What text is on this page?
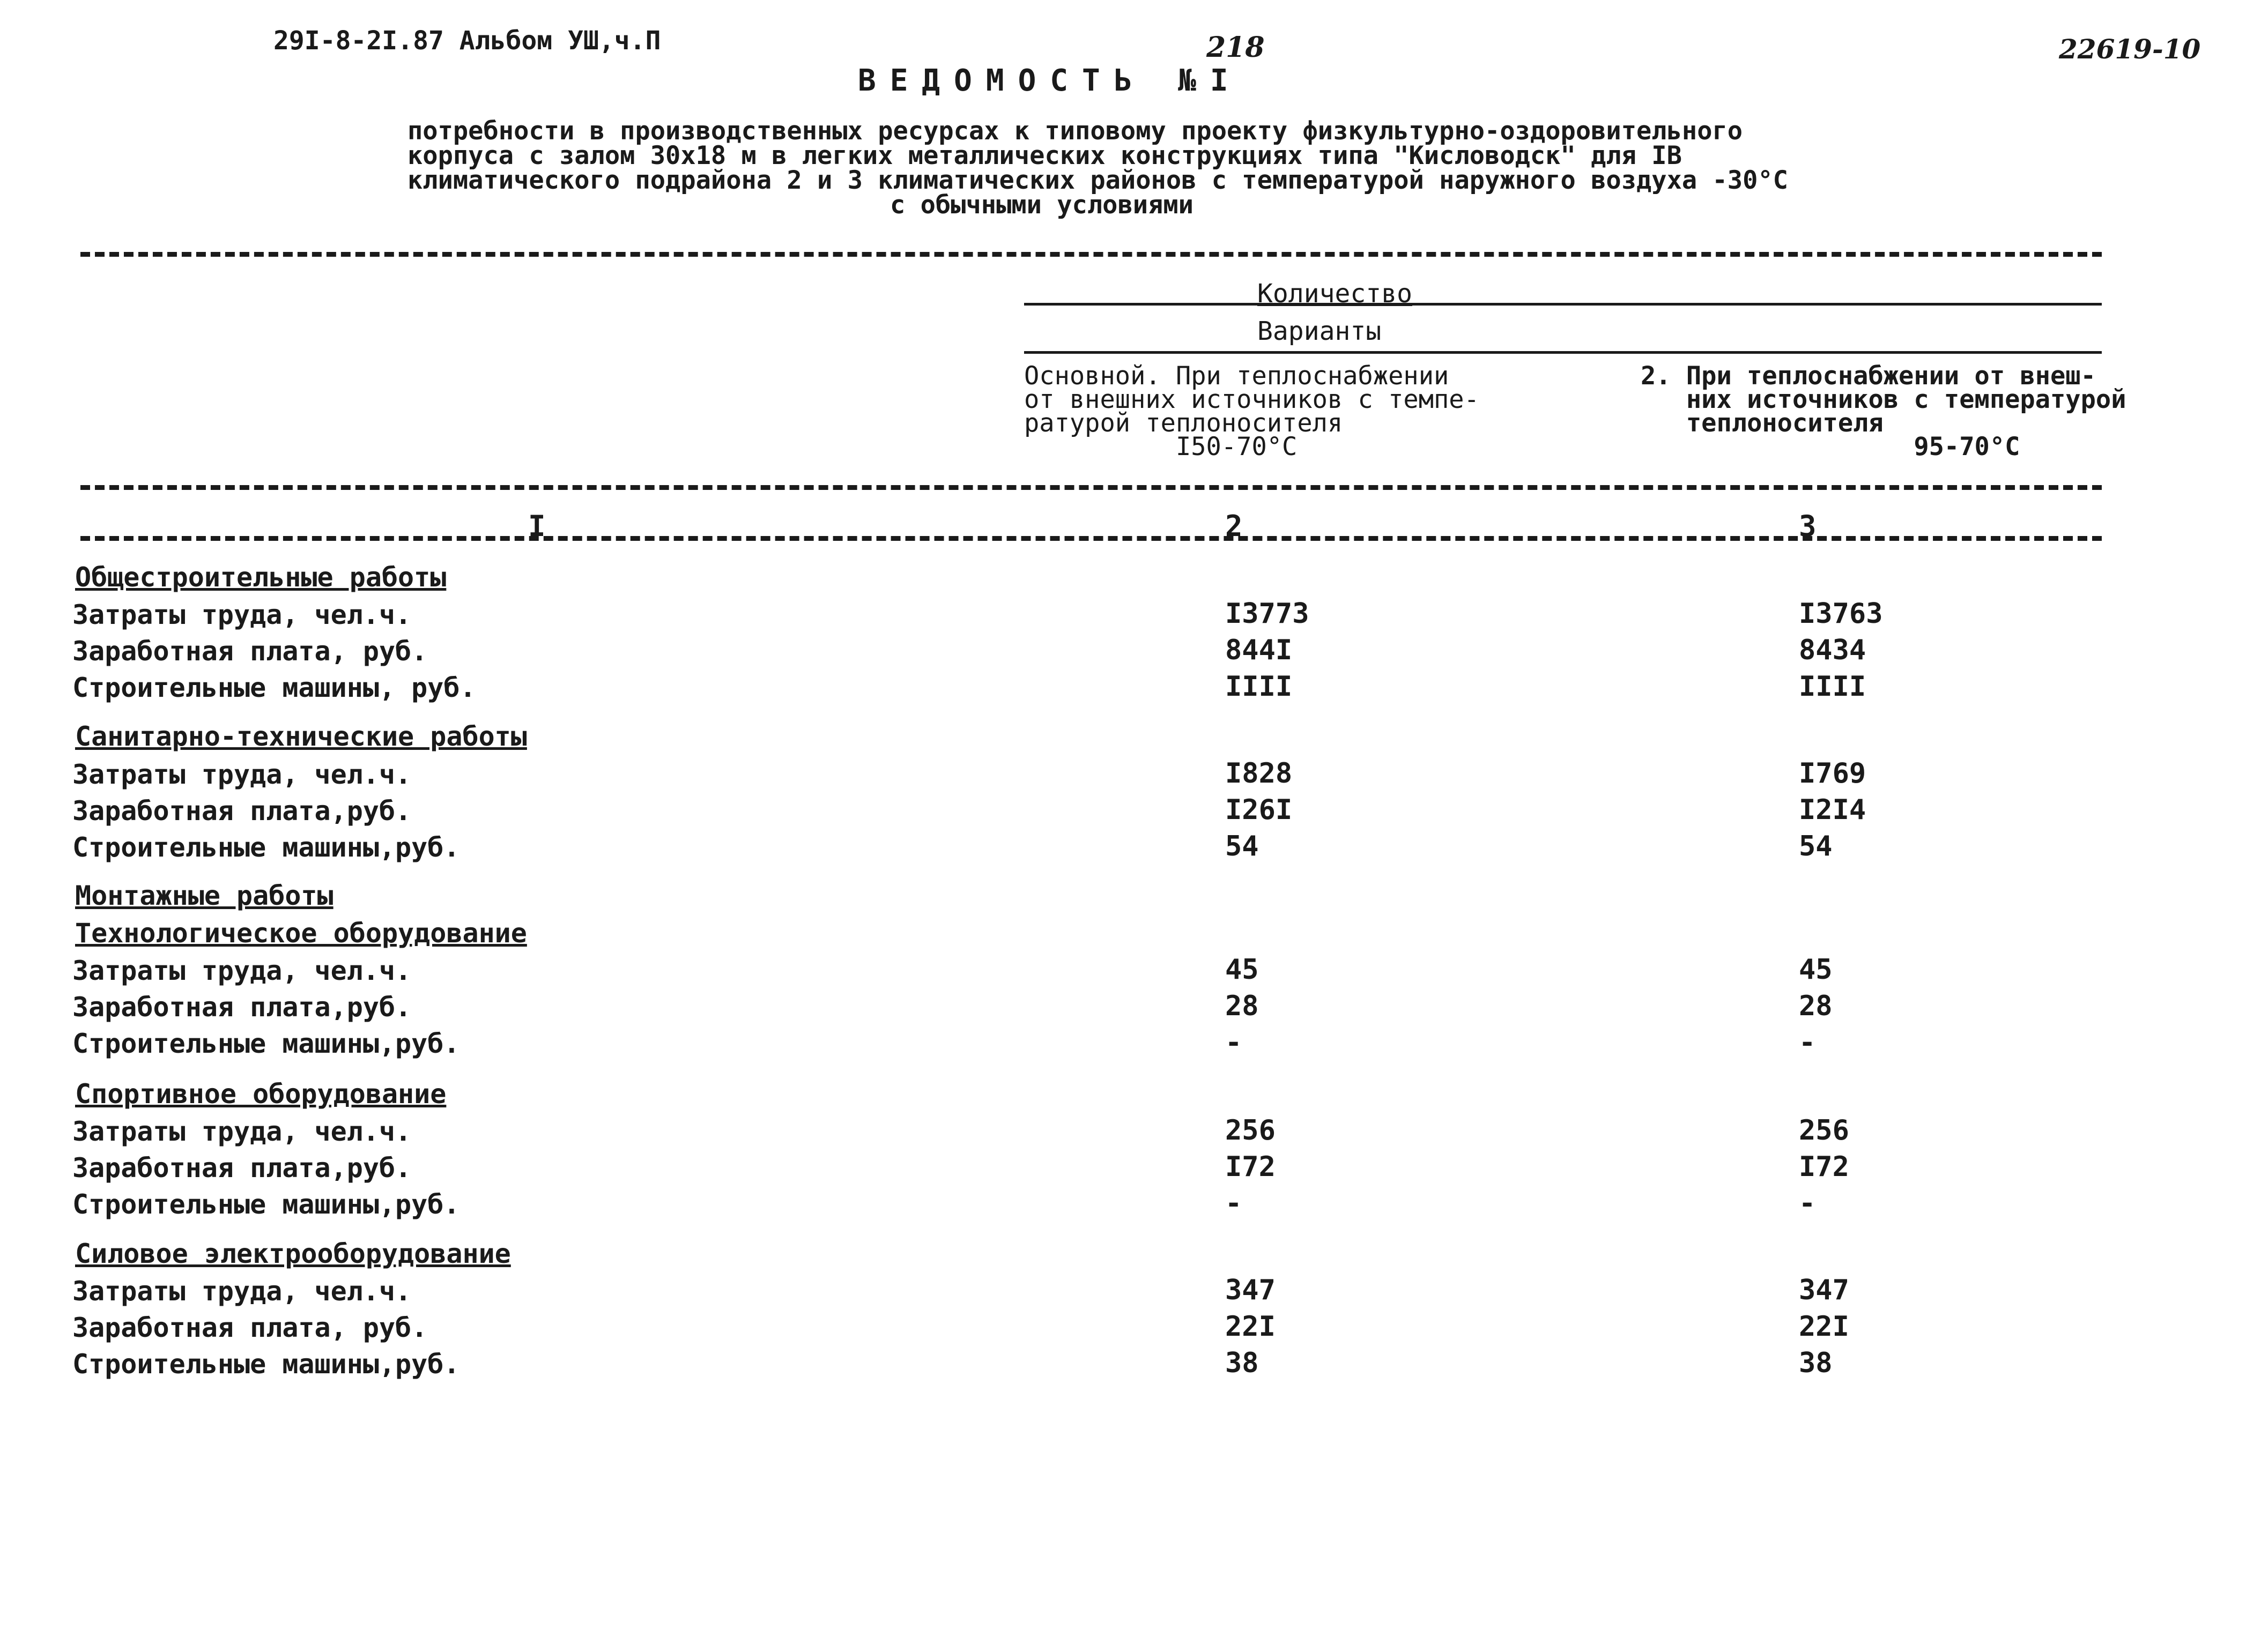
29I-8-2I.87 Альбом УШ,ч.П	218	22619-10
ВЕДОМОСТЬ №I
потребности в производственных ресурсах к типовому проекту физкультурно-оздоровительного
корпуса с залом 30х18 м в легких металлических конструкциях типа "Кисловодск" для IВ
климатического подрайона 2 и 3 климатических районов с температурой наружного воздуха -30°С
с обычными условиями
Количество
Варианты
Основной. При теплоснабжении
от внешних источников с темпе-
ратурой теплоносителя
I50-70°С
2. При теплоснабжении от внеш-
них источников с температурой
теплоносителя
95-70°С
I	2	3
Общестроительные работы
Затраты труда, чел.ч.	I3773	I3763
Заработная плата, руб.	844I	8434
Строительные машины, руб.	IIII	IIII
Санитарно-технические работы
Затраты труда, чел.ч.	I828	I769
Заработная плата,руб.	I26I	I2I4
Строительные машины,руб.	54	54
Монтажные работы
Технологическое оборудование
Затраты труда, чел.ч.	45	45
Заработная плата,руб.	28	28
Строительные машины,руб.	-	-
Спортивное оборудование
Затраты труда, чел.ч.	256	256
Заработная плата,руб.	I72	I72
Строительные машины,руб.	-	-
Силовое электрооборудование
Затраты труда, чел.ч.	347	347
Заработная плата, руб.	22I	22I
Строительные машины,руб.	38	38
